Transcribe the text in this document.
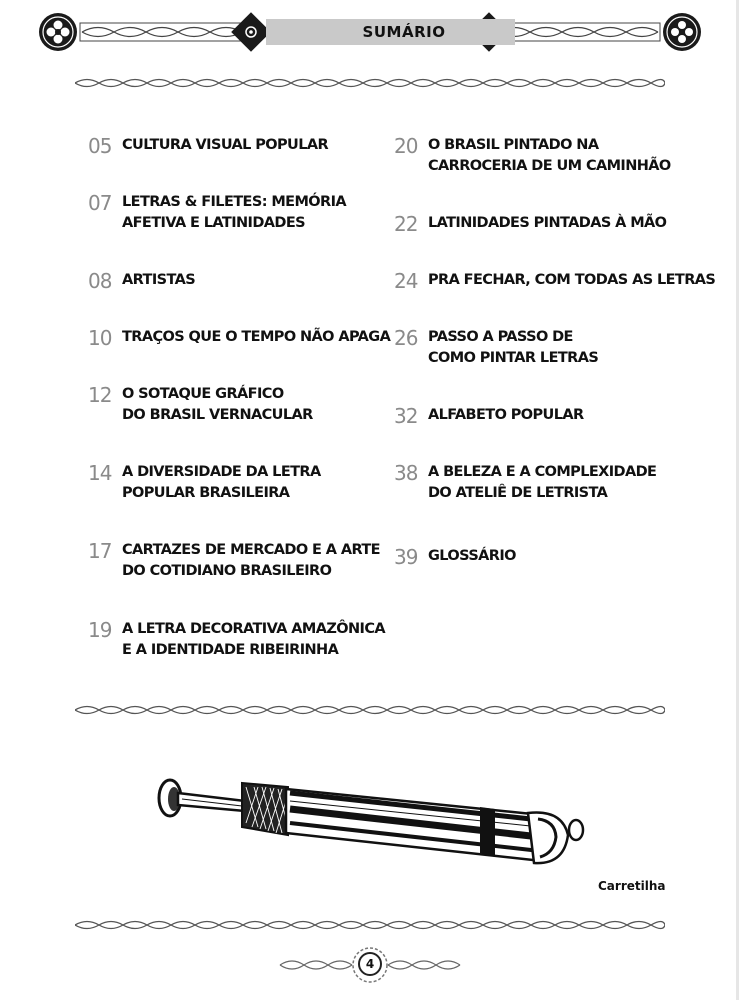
SUMÁRIO
05 CULTURA VISUAL POPULAR
07 LETRAS & FILETES: MEMÓRIA
AFETIVA E LATINIDADES
08 ARTISTAS
10 TRAÇOS QUE O TEMPO NÃO APAGA
12 O SOTAQUE GRÁFICO
DO BRASIL VERNACULAR
14 A DIVERSIDADE DA LETRA
POPULAR BRASILEIRA
17 CARTAZES DE MERCADO E A ARTE
DO COTIDIANO BRASILEIRO
19 A LETRA DECORATIVA AMAZÔNICA
E A IDENTIDADE RIBEIRINHA
20 O BRASIL PINTADO NA
CARROCERIA DE UM CAMINHÃO
22 LATINIDADES PINTADAS À MÃO
24 PRA FECHAR, COM TODAS AS LETRAS
26 PASSO A PASSO DE
COMO PINTAR LETRAS
32 ALFABETO POPULAR
38 A BELEZA E A COMPLEXIDADE
DO ATELIÊ DE LETRISTA
39 GLOSSÁRIO
Carretilha
4
